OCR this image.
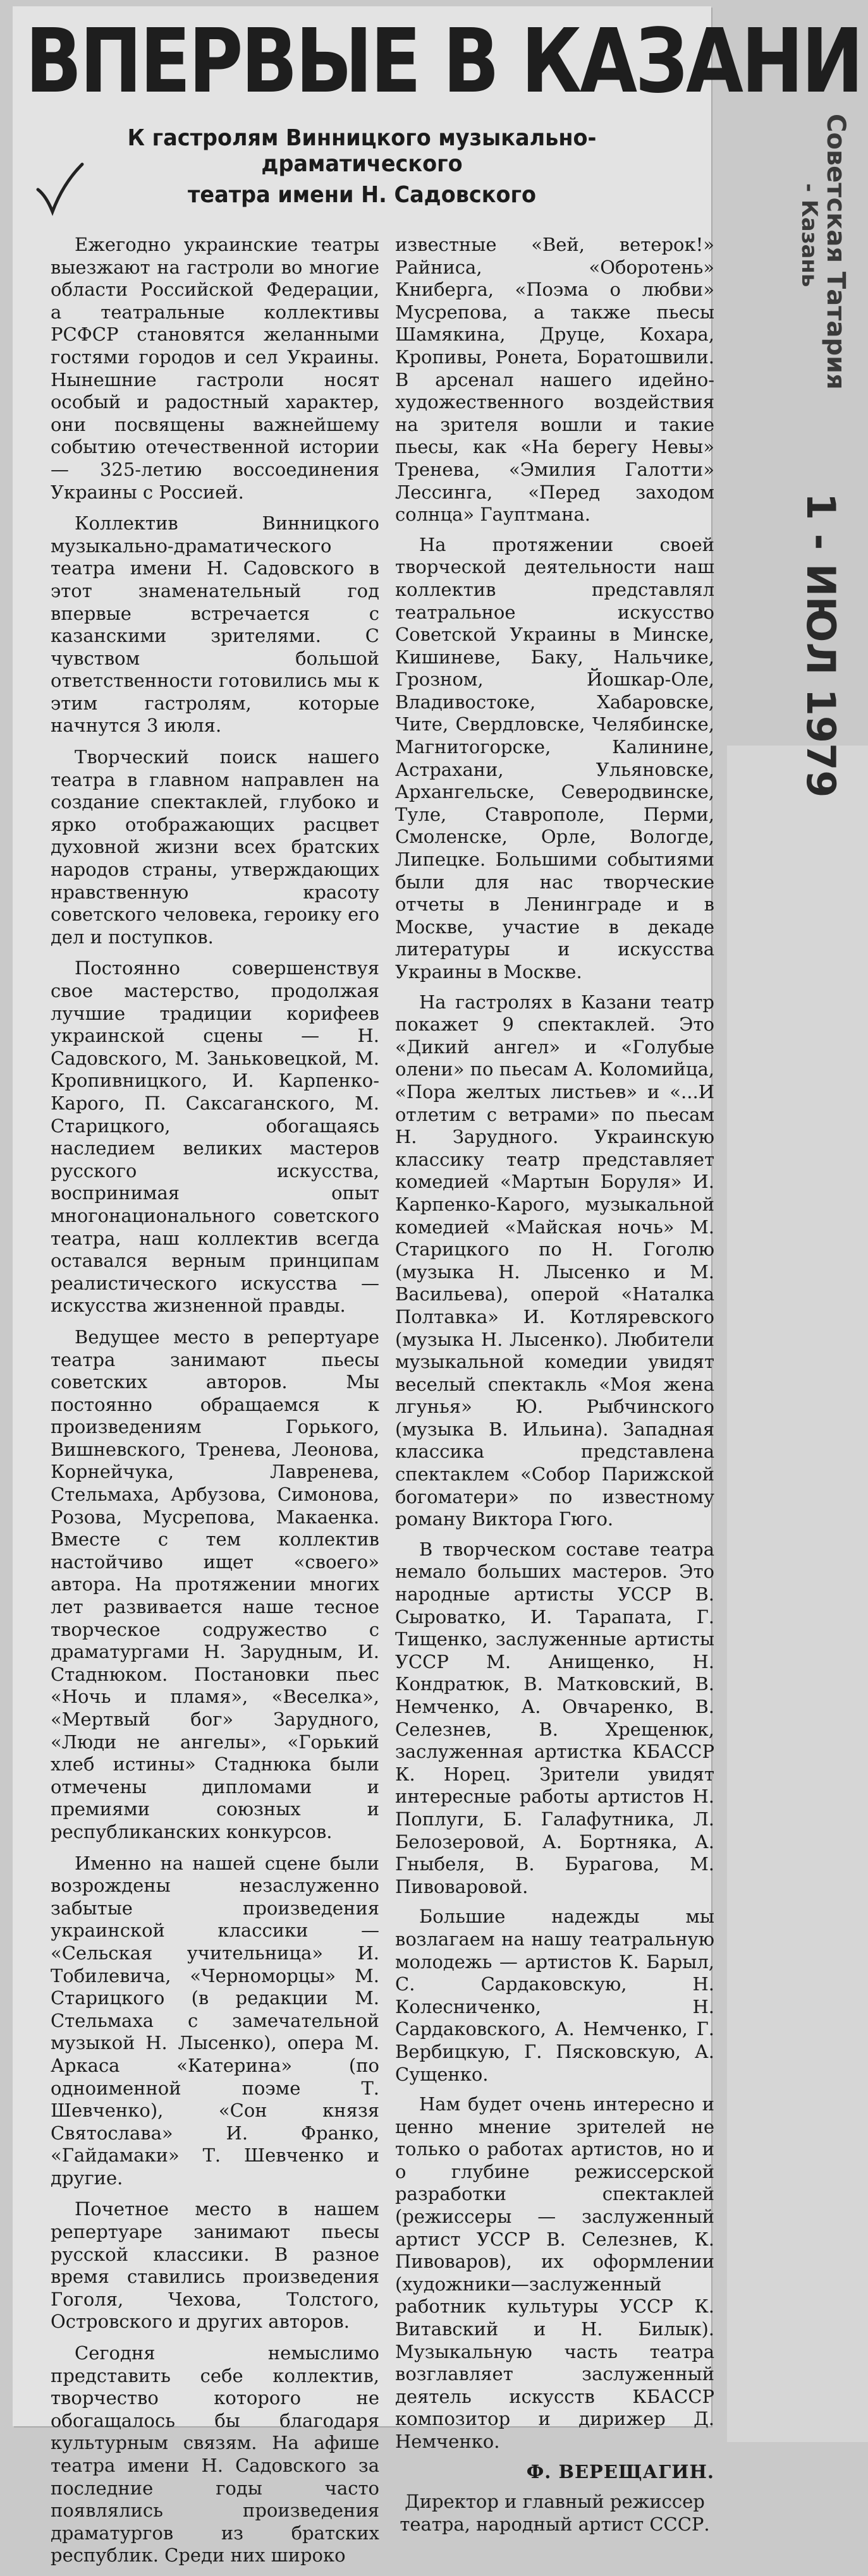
ВПЕРВЫЕ В КАЗАНИ
К гастролям Винницкого музыкально-драматического
театра имени Н. Садовского

Ежегодно украинские театры выезжают на гастроли во многие области Российской Федерации, а театральные коллективы РСФСР становятся желанными гостями городов и сел Украины. Нынешние гастроли носят особый и радостный характер, они посвящены важнейшему событию отечественной истории — 325-летию воссоединения Украины с Россией.

Коллектив Винницкого музыкально-драматического театра имени Н. Садовского в этот знаменательный год впервые встречается с казанскими зрителями. С чувством большой ответственности готовились мы к этим гастролям, которые начнутся 3 июля.

Творческий поиск нашего театра в главном направлен на создание спектаклей, глубоко и ярко отображающих расцвет духовной жизни всех братских народов страны, утверждающих нравственную красоту советского человека, героику его дел и поступков.

Постоянно совершенствуя свое мастерство, продолжая лучшие традиции корифеев украинской сцены — Н. Садовского, М. Заньковецкой, М. Кропивницкого, И. Карпенко-Карого, П. Саксаганского, М. Старицкого, обогащаясь наследием великих мастеров русского искусства, воспринимая опыт многонационального советского театра, наш коллектив всегда оставался верным принципам реалистического искусства — искусства жизненной правды.

Ведущее место в репертуаре театра занимают пьесы советских авторов. Мы постоянно обращаемся к произведениям Горького, Вишневского, Тренева, Леонова, Корнейчука, Лавренева, Стельмаха, Арбузова, Симонова, Розова, Мусрепова, Макаенка. Вместе с тем коллектив настойчиво ищет «своего» автора. На протяжении многих лет развивается наше тесное творческое содружество с драматургами Н. Зарудным, И. Стаднюком. Постановки пьес «Ночь и пламя», «Веселка», «Мертвый бог» Зарудного, «Люди не ангелы», «Горький хлеб истины» Стаднюка были отмечены дипломами и премиями союзных и республиканских конкурсов.

Именно на нашей сцене были возрождены незаслуженно забытые произведения украинской классики — «Сельская учительница» И. Тобилевича, «Черноморцы» М. Старицкого (в редакции М. Стельмаха с замечательной музыкой Н. Лысенко), опера М. Аркаса «Катерина» (по одноименной поэме Т. Шевченко), «Сон князя Святослава» И. Франко, «Гайдамаки» Т. Шевченко и другие.

Почетное место в нашем репертуаре занимают пьесы русской классики. В разное время ставились произведения Гоголя, Чехова, Толстого, Островского и других авторов.

Сегодня немыслимо представить себе коллектив, творчество которого не обогащалось бы благодаря культурным связям. На афише театра имени Н. Садовского за последние годы часто появлялись произведения драматургов из братских республик. Среди них широко

известные «Вей, ветерок!» Райниса, «Оборотень» Книберга, «Поэма о любви» Мусрепова, а также пьесы Шамякина, Друце, Кохара, Кропивы, Ронета, Боратошвили. В арсенал нашего идейно-художественного воздействия на зрителя вошли и такие пьесы, как «На берегу Невы» Тренева, «Эмилия Галотти» Лессинга, «Перед заходом солнца» Гауптмана.

На протяжении своей творческой деятельности наш коллектив представлял театральное искусство Советской Украины в Минске, Кишиневе, Баку, Нальчике, Грозном, Йошкар-Оле, Владивостоке, Хабаровске, Чите, Свердловске, Челябинске, Магнитогорске, Калинине, Астрахани, Ульяновске, Архангельске, Северодвинске, Туле, Ставрополе, Перми, Смоленске, Орле, Вологде, Липецке. Большими событиями были для нас творческие отчеты в Ленинграде и в Москве, участие в декаде литературы и искусства Украины в Москве.

На гастролях в Казани театр покажет 9 спектаклей. Это «Дикий ангел» и «Голубые олени» по пьесам А. Коломийца, «Пора желтых листьев» и «...И отлетим с ветрами» по пьесам Н. Зарудного. Украинскую классику театр представляет комедией «Мартын Боруля» И. Карпенко-Карого, музыкальной комедией «Майская ночь» М. Старицкого по Н. Гоголю (музыка Н. Лысенко и М. Васильева), оперой «Наталка Полтавка» И. Котляревского (музыка Н. Лысенко). Любители музыкальной комедии увидят веселый спектакль «Моя жена лгунья» Ю. Рыбчинского (музыка В. Ильина). Западная классика представлена спектаклем «Собор Парижской богоматери» по известному роману Виктора Гюго.

В творческом составе театра немало больших мастеров. Это народные артисты УССР В. Сыроватко, И. Тарапата, Г. Тищенко, заслуженные артисты УССР М. Анищенко, Н. Кондратюк, В. Матковский, В. Немченко, А. Овчаренко, В. Селезнев, В. Хрещенюк, заслуженная артистка КБАССР К. Норец. Зрители увидят интересные работы артистов Н. Поплуги, Б. Галафутника, Л. Белозеровой, А. Бортняка, А. Гныбеля, В. Бураговa, М. Пивоваровой.

Большие надежды мы возлагаем на нашу театральную молодежь — артистов К. Барыл, С. Сардаковскую, Н. Колесниченко, Н. Сардаковского, А. Немченко, Г. Вербицкую, Г. Пясковскую, А. Сущенко.

Нам будет очень интересно и ценно мнение зрителей не только о работах артистов, но и о глубине режиссерской разработки спектаклей (режиссеры — заслуженный артист УССР В. Селезнев, К. Пивоваров), их оформлении (художники—заслуженный работник культуры УССР К. Витавский и Н. Билык). Музыкальную часть театра возглавляет заслуженный деятель искусств КБАССР композитор и дирижер Д. Немченко.

Ф. ВЕРЕЩАГИН.

Директор и главный режиссер театра, народный артист СССР.

Советская Татария
- Казань
1 - ИЮЛ 1979
